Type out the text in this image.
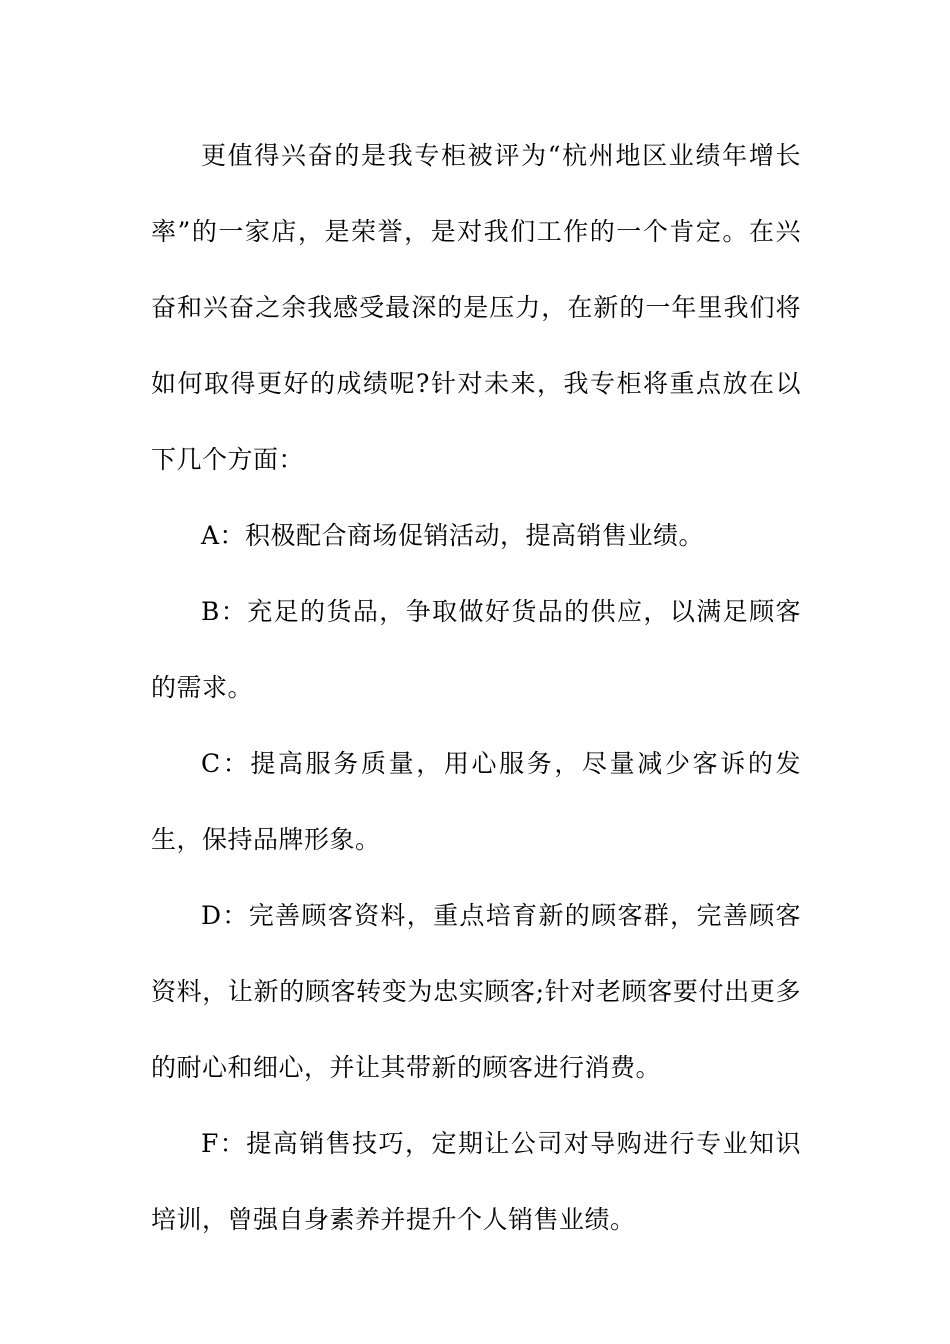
更值得兴奋的是我专柜被评为“杭州地区业绩年增长率”的一家店，是荣誉，是对我们工作的一个肯定。在兴奋和兴奋之余我感受最深的是压力，在新的一年里我们将如何取得更好的成绩呢?针对未来，我专柜将重点放在以下几个方面：

A：积极配合商场促销活动，提高销售业绩。

B：充足的货品，争取做好货品的供应，以满足顾客的需求。

C：提高服务质量，用心服务，尽量减少客诉的发生，保持品牌形象。

D：完善顾客资料，重点培育新的顾客群，完善顾客资料，让新的顾客转变为忠实顾客;针对老顾客要付出更多的耐心和细心，并让其带新的顾客进行消费。

F：提高销售技巧，定期让公司对导购进行专业知识培训，曾强自身素养并提升个人销售业绩。
